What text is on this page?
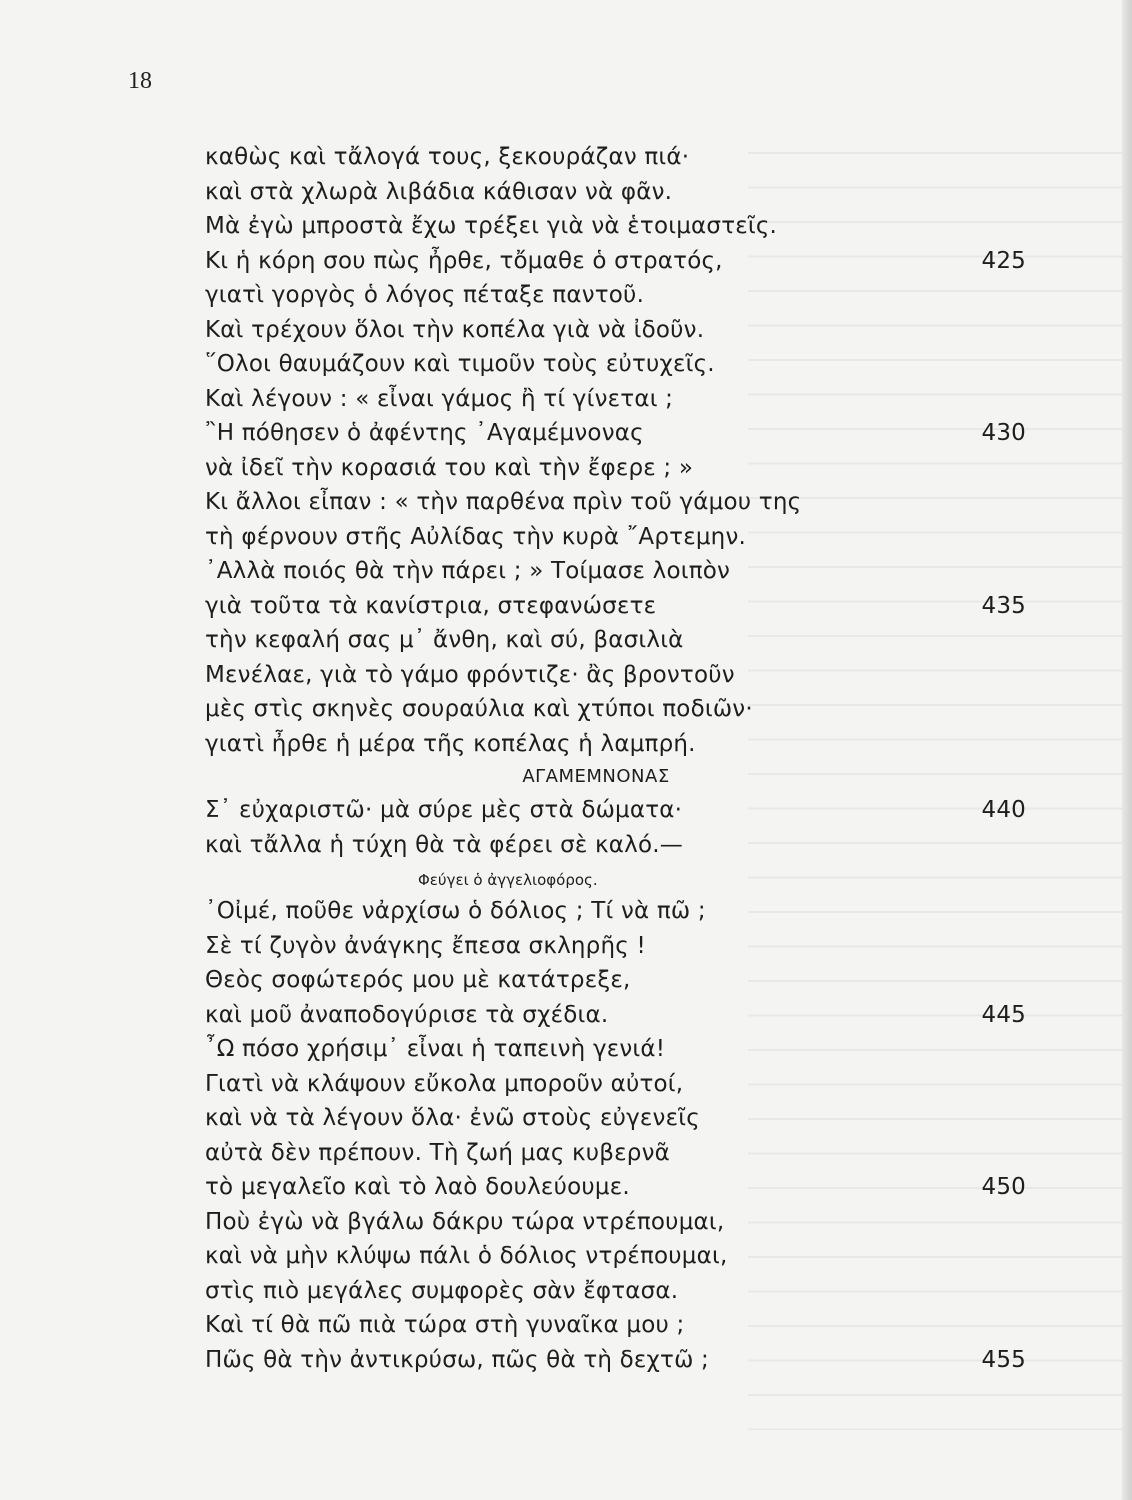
18
καθὼς καὶ τἄλογά τους, ξεκουράζαν πιά·
καὶ στὰ χλωρὰ λιβάδια κάθισαν νὰ φᾶν.
Μὰ ἐγὼ μπροστὰ ἔχω τρέξει γιὰ νὰ ἑτοιμαστεῖς.
Κι ἡ κόρη σου πὼς ἦρθε, τὄμαθε ὁ στρατός,	425
γιατὶ γοργὸς ὁ λόγος πέταξε παντοῦ.
Καὶ τρέχουν ὅλοι τὴν κοπέλα γιὰ νὰ ἰδοῦν.
῞Ολοι θαυμάζουν καὶ τιμοῦν τοὺς εὐτυχεῖς.
Καὶ λέγουν : « εἶναι γάμος ἢ τί γίνεται ;
῍Η πόθησεν ὁ ἀφέντης ᾿Αγαμέμνονας	430
νὰ ἰδεῖ τὴν κορασιά του καὶ τὴν ἔφερε ; »
Κι ἄλλοι εἶπαν : « τὴν παρθένα πρὶν τοῦ γάμου της
τὴ φέρνουν στῆς Αὐλίδας τὴν κυρὰ ῎Αρτεμην.
᾿Αλλὰ ποιός θὰ τὴν πάρει ; » Τοίμασε λοιπὸν
γιὰ τοῦτα τὰ κανίστρια, στεφανώσετε	435
τὴν κεφαλή σας μ᾿ ἄνθη, καὶ σύ, βασιλιὰ
Μενέλαε, γιὰ τὸ γάμο φρόντιζε· ἂς βροντοῦν
μὲς στὶς σκηνὲς σουραύλια καὶ χτύποι ποδιῶν·
γιατὶ ἦρθε ἡ μέρα τῆς κοπέλας ἡ λαμπρή.
ΑΓΑΜΕΜΝΟΝΑΣ
Σ᾿ εὐχαριστῶ· μὰ σύρε μὲς στὰ δώματα·	440
καὶ τἄλλα ἡ τύχη θὰ τὰ φέρει σὲ καλό.—
Φεύγει ὁ ἀγγελιοφόρος.
᾿Οἰμέ, ποῦθε νἀρχίσω ὁ δόλιος ; Τί νὰ πῶ ;
Σὲ τί ζυγὸν ἀνάγκης ἔπεσα σκληρῆς !
Θεὸς σοφώτερός μου μὲ κατάτρεξε,
καὶ μοῦ ἀναποδογύρισε τὰ σχέδια.	445
῏Ω πόσο χρήσιμ᾿ εἶναι ἡ ταπεινὴ γενιά!
Γιατὶ νὰ κλάψουν εὔκολα μποροῦν αὐτοί,
καὶ νὰ τὰ λέγουν ὅλα· ἐνῶ στοὺς εὐγενεῖς
αὐτὰ δὲν πρέπουν. Τὴ ζωή μας κυβερνᾶ
τὸ μεγαλεῖο καὶ τὸ λαὸ δουλεύουμε.	450
Ποὺ ἐγὼ νὰ βγάλω δάκρυ τώρα ντρέπουμαι,
καὶ νὰ μὴν κλύψω πάλι ὁ δόλιος ντρέπουμαι,
στὶς πιὸ μεγάλες συμφορὲς σὰν ἔφτασα.
Καὶ τί θὰ πῶ πιὰ τώρα στὴ γυναῖκα μου ;
Πῶς θὰ τὴν ἀντικρύσω, πῶς θὰ τὴ δεχτῶ ;	455
